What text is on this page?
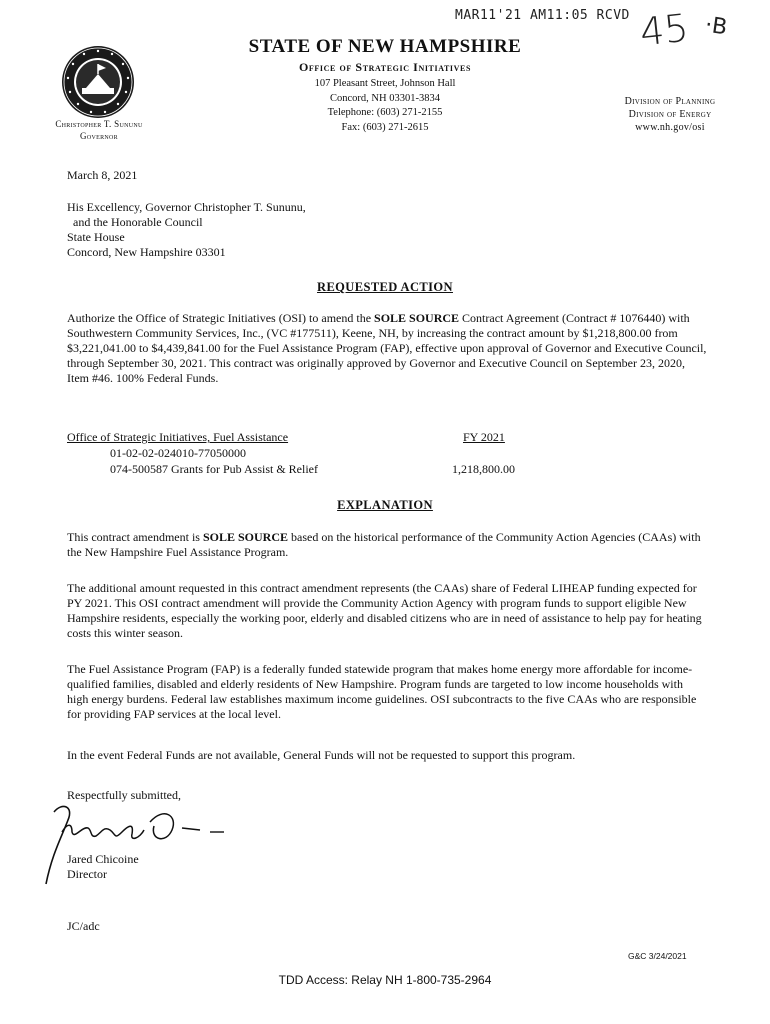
MAR11'21 AM11:05 RCVD 45 ·B
Christopher T. Sununu
Governor
STATE OF NEW HAMPSHIRE
Office of Strategic Initiatives
107 Pleasant Street, Johnson Hall
Concord, NH 03301-3834
Telephone: (603) 271-2155
Fax: (603) 271-2615
Division of Planning
Division of Energy
www.nh.gov/osi
March 8, 2021
His Excellency, Governor Christopher T. Sununu,
and the Honorable Council
State House
Concord, New Hampshire 03301
REQUESTED ACTION
Authorize the Office of Strategic Initiatives (OSI) to amend the SOLE SOURCE Contract Agreement (Contract # 1076440) with Southwestern Community Services, Inc., (VC #177511), Keene, NH, by increasing the contract amount by $1,218,800.00 from $3,221,041.00 to $4,439,841.00 for the Fuel Assistance Program (FAP), effective upon approval of Governor and Executive Council, through September 30, 2021. This contract was originally approved by Governor and Executive Council on September 23, 2020, Item #46. 100% Federal Funds.
Office of Strategic Initiatives, Fuel Assistance	FY 2021
01-02-02-024010-77050000
074-500587 Grants for Pub Assist & Relief	1,218,800.00
EXPLANATION
This contract amendment is SOLE SOURCE based on the historical performance of the Community Action Agencies (CAAs) with the New Hampshire Fuel Assistance Program.
The additional amount requested in this contract amendment represents (the CAAs) share of Federal LIHEAP funding expected for PY 2021. This OSI contract amendment will provide the Community Action Agency with program funds to support eligible New Hampshire residents, especially the working poor, elderly and disabled citizens who are in need of assistance to help pay for heating costs this winter season.
The Fuel Assistance Program (FAP) is a federally funded statewide program that makes home energy more affordable for income-qualified families, disabled and elderly residents of New Hampshire. Program funds are targeted to low income households with high energy burdens. Federal law establishes maximum income guidelines. OSI subcontracts to the five CAAs who are responsible for providing FAP services at the local level.
In the event Federal Funds are not available, General Funds will not be requested to support this program.
Respectfully submitted,
Jared Chicoine
Director
JC/adc
G&C 3/24/2021
TDD Access: Relay NH 1-800-735-2964
